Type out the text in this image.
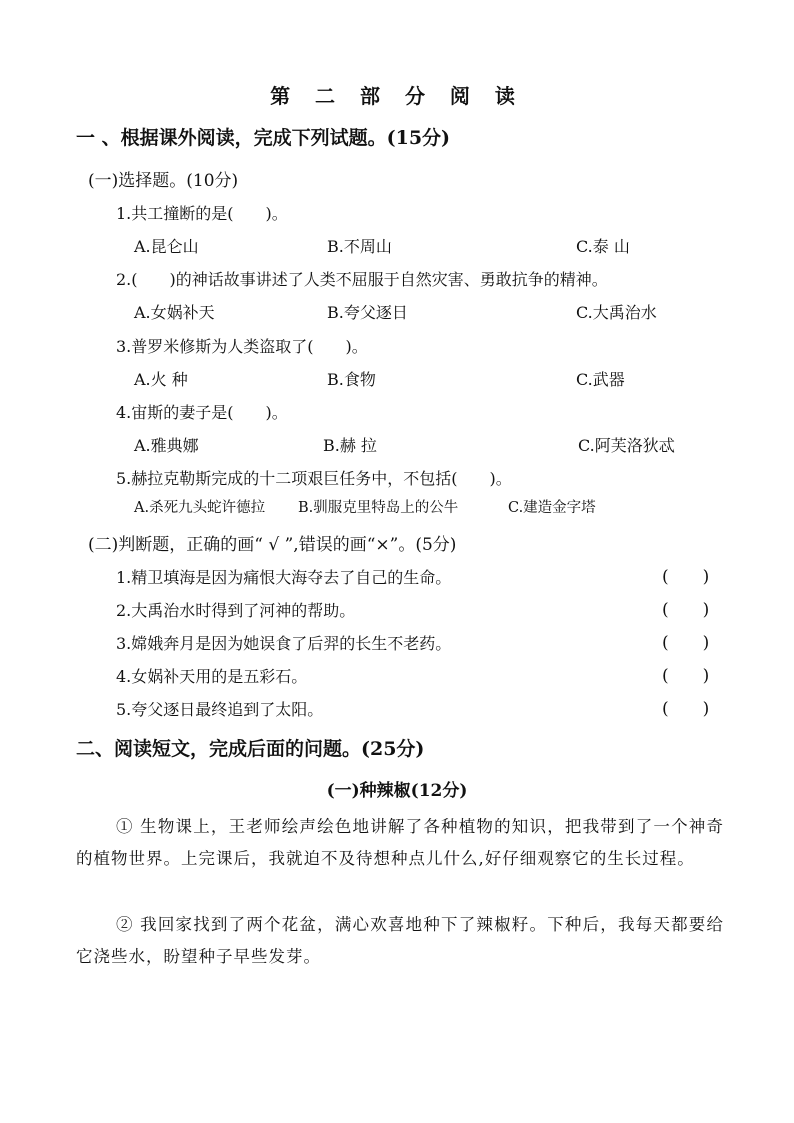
第 二 部 分 阅 读
一 、根据课外阅读，完成下列试题。(15分)
(一)选择题。(10分)
1.共工撞断的是(　　)。
A.昆仑山	B.不周山	C.泰 山
2.(　　)的神话故事讲述了人类不屈服于自然灾害、勇敢抗争的精神。
A.女娲补天	B.夸父逐日	C.大禹治水
3.普罗米修斯为人类盗取了(　　)。
A.火 种	B.食物	C.武器
4.宙斯的妻子是(　　)。
A.雅典娜	B.赫 拉	C.阿芙洛狄忒
5.赫拉克勒斯完成的十二项艰巨任务中，不包括(　　)。
A.杀死九头蛇许德拉 B.驯服克里特岛上的公牛	C.建造金字塔
(二)判断题，正确的画“ √ ”,错误的画“×”。(5分)
1.精卫填海是因为痛恨大海夺去了自己的生命。	(　　)
2.大禹治水时得到了河神的帮助。	(　　)
3.嫦娥奔月是因为她误食了后羿的长生不老药。	(　　)
4.女娲补天用的是五彩石。	(　　)
5.夸父逐日最终追到了太阳。	(　　)
二、阅读短文，完成后面的问题。(25分)
(一)种辣椒(12分)
① 生物课上，王老师绘声绘色地讲解了各种植物的知识，把我带到了一个神奇的植物世界。上完课后，我就迫不及待想种点儿什么,好仔细观察它的生长过程。
② 我回家找到了两个花盆，满心欢喜地种下了辣椒籽。下种后，我每天都要给它浇些水，盼望种子早些发芽。
